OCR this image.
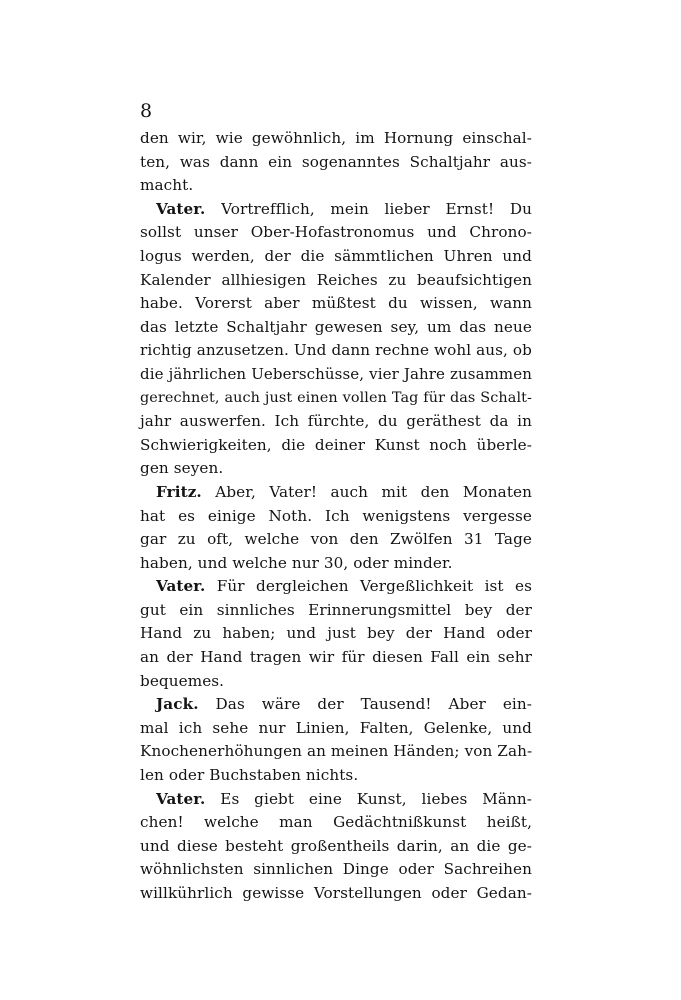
8
den wir, wie gewöhnlich, im Hornung einschal-
ten, was dann ein sogenanntes Schaltjahr aus-
macht.
Vater. Vortrefflich, mein lieber Ernst! Du
sollst unser Ober-Hofastronomus und Chrono-
logus werden, der die sämmtlichen Uhren und
Kalender allhiesigen Reiches zu beaufsichtigen
habe. Vorerst aber müßtest du wissen, wann
das letzte Schaltjahr gewesen sey, um das neue
richtig anzusetzen. Und dann rechne wohl aus, ob
die jährlichen Ueberschüsse, vier Jahre zusammen
gerechnet, auch just einen vollen Tag für das Schalt-
jahr auswerfen. Ich fürchte, du geräthest da in
Schwierigkeiten, die deiner Kunst noch überle-
gen seyen.
Fritz. Aber, Vater! auch mit den Monaten
hat es einige Noth. Ich wenigstens vergesse
gar zu oft, welche von den Zwölfen 31 Tage
haben, und welche nur 30, oder minder.
Vater. Für dergleichen Vergeßlichkeit ist es
gut ein sinnliches Erinnerungsmittel bey der
Hand zu haben; und just bey der Hand oder
an der Hand tragen wir für diesen Fall ein sehr
bequemes.
Jack. Das wäre der Tausend! Aber ein-
mal ich sehe nur Linien, Falten, Gelenke, und
Knochenerhöhungen an meinen Händen; von Zah-
len oder Buchstaben nichts.
Vater. Es giebt eine Kunst, liebes Männ-
chen! welche man Gedächtnißkunst heißt,
und diese besteht großentheils darin, an die ge-
wöhnlichsten sinnlichen Dinge oder Sachreihen
willkührlich gewisse Vorstellungen oder Gedan-
